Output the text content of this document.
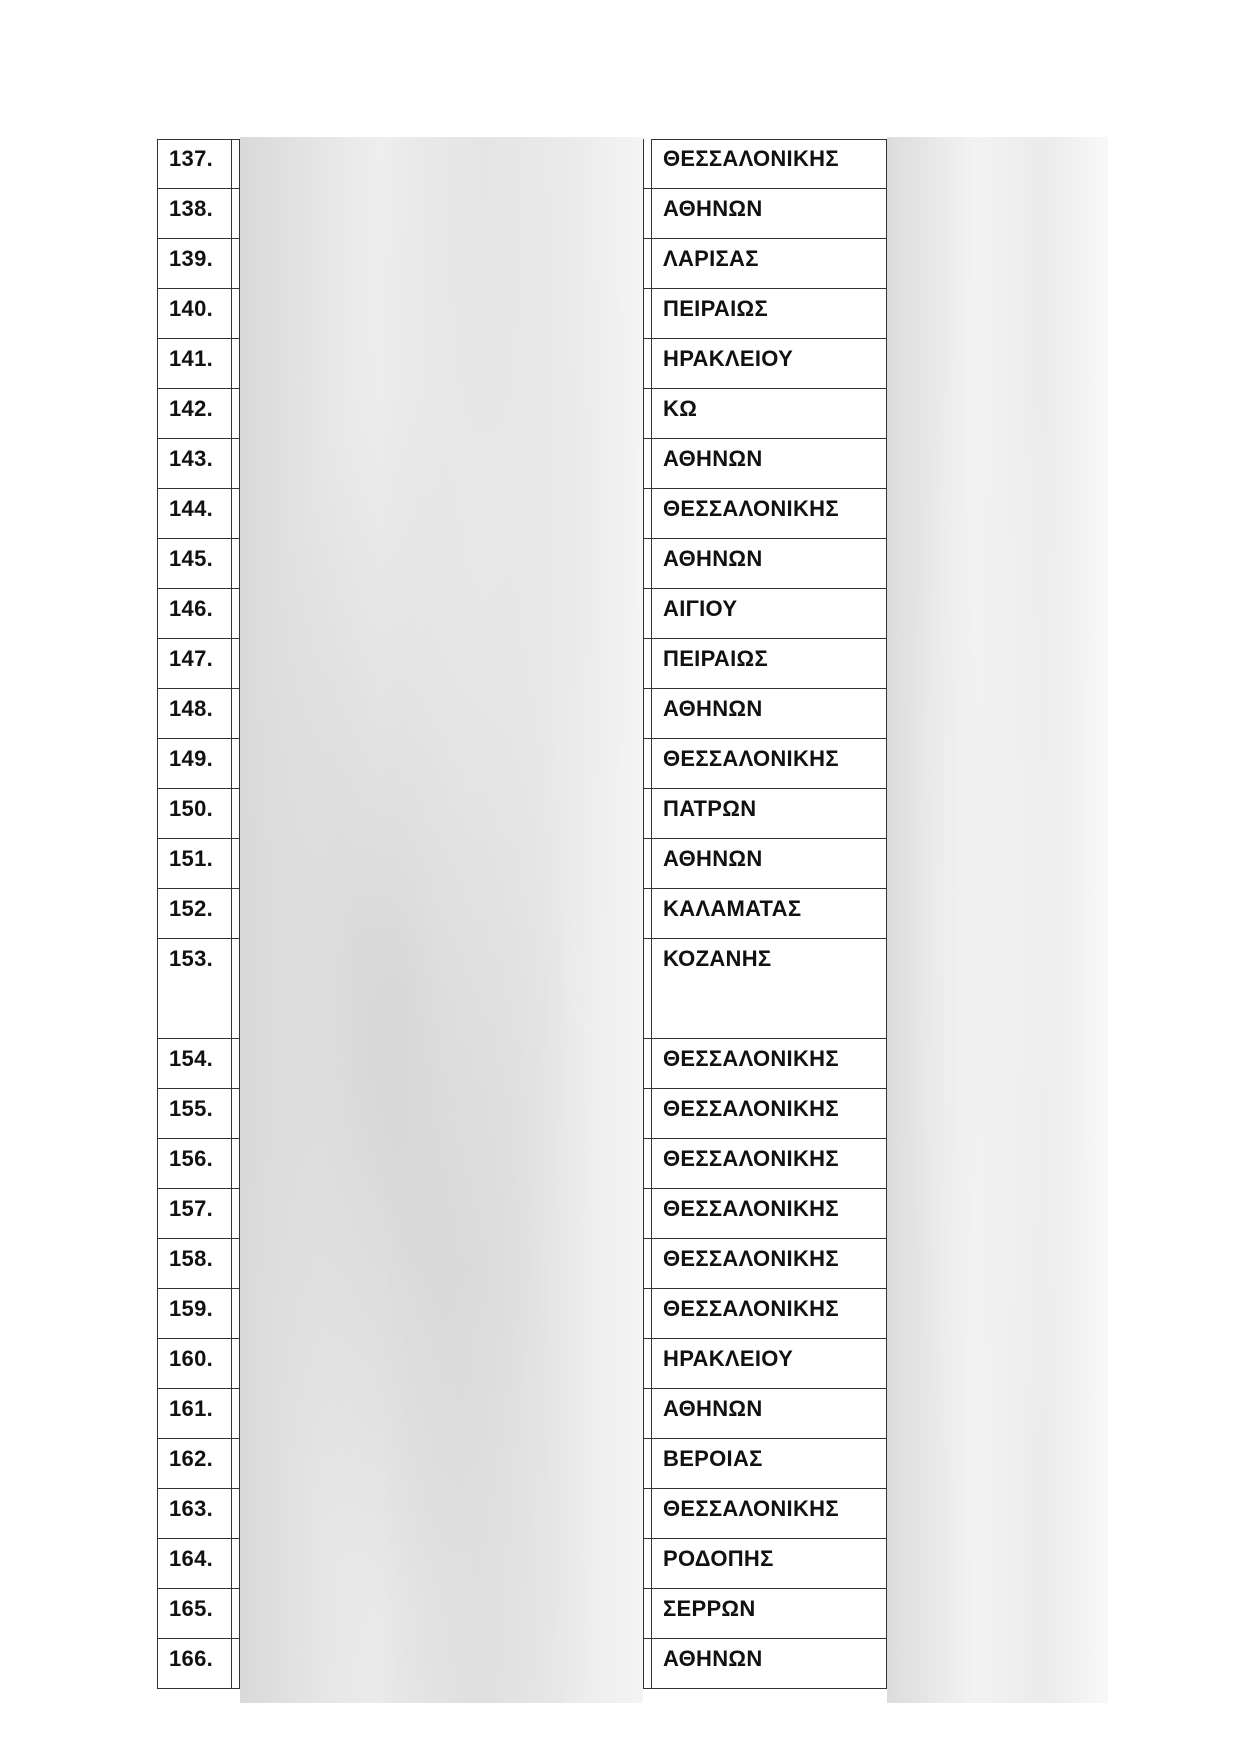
137.	ΘΕΣΣΑΛΟΝΙΚΗΣ
138.	ΑΘΗΝΩΝ
139.	ΛΑΡΙΣΑΣ
140.	ΠΕΙΡΑΙΩΣ
141.	ΗΡΑΚΛΕΙΟΥ
142.	ΚΩ
143.	ΑΘΗΝΩΝ
144.	ΘΕΣΣΑΛΟΝΙΚΗΣ
145.	ΑΘΗΝΩΝ
146.	ΑΙΓΙΟΥ
147.	ΠΕΙΡΑΙΩΣ
148.	ΑΘΗΝΩΝ
149.	ΘΕΣΣΑΛΟΝΙΚΗΣ
150.	ΠΑΤΡΩΝ
151.	ΑΘΗΝΩΝ
152.	ΚΑΛΑΜΑΤΑΣ
153.	ΚΟΖΑΝΗΣ
154.	ΘΕΣΣΑΛΟΝΙΚΗΣ
155.	ΘΕΣΣΑΛΟΝΙΚΗΣ
156.	ΘΕΣΣΑΛΟΝΙΚΗΣ
157.	ΘΕΣΣΑΛΟΝΙΚΗΣ
158.	ΘΕΣΣΑΛΟΝΙΚΗΣ
159.	ΘΕΣΣΑΛΟΝΙΚΗΣ
160.	ΗΡΑΚΛΕΙΟΥ
161.	ΑΘΗΝΩΝ
162.	ΒΕΡΟΙΑΣ
163.	ΘΕΣΣΑΛΟΝΙΚΗΣ
164.	ΡΟΔΟΠΗΣ
165.	ΣΕΡΡΩΝ
166.	ΑΘΗΝΩΝ
